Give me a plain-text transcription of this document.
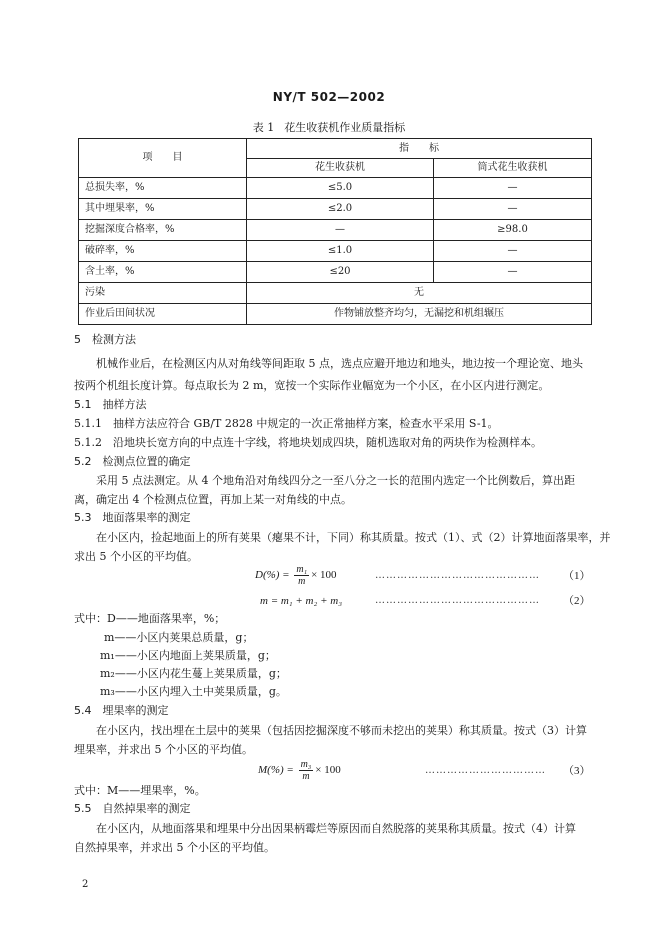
NY/T 502—2002
表 1 花生收获机作业质量指标
项　　目	指　　标	
	花生收获机	筒式花生收获机
总损失率，%	≤5.0	—
其中埋果率，%	≤2.0	—
挖掘深度合格率，%	—	≥98.0
破碎率，%	≤1.0	—
含土率，%	≤20	—
污染	无	
作业后田间状况	作物铺放整齐均匀，无漏挖和机组辗压	
5　检测方法
机械作业后，在检测区内从对角线等间距取 5 点，选点应避开地边和地头，地边按一个理论宽、地头
按两个机组长度计算。每点取长为 2 m，宽按一个实际作业幅宽为一个小区，在小区内进行测定。
5.1　抽样方法
5.1.1　抽样方法应符合 GB/T 2828 中规定的一次正常抽样方案，检查水平采用 S-1。
5.1.2　沿地块长宽方向的中点连十字线，将地块划成四块，随机选取对角的两块作为检测样本。
5.2　检测点位置的确定
采用 5 点法测定。从 4 个地角沿对角线四分之一至八分之一长的范围内选定一个比例数后，算出距
离，确定出 4 个检测点位置，再加上某一对角线的中点。
5.3　地面落果率的测定
在小区内，捡起地面上的所有荚果（瘪果不计，下同）称其质量。按式（1）、式（2）计算地面落果率，并
求出 5 个小区的平均值。
$D(\%) = \frac{\text{m₁}}{m} \times 100$	……………………………………… （1）
m = m₁ + m₂ + m₃	……………………………………… （2）
式中：D——地面落果率，%；
m——小区内荚果总质量，g；
m₁——小区内地面上荚果质量，g；
m₂——小区内花生蔓上荚果质量，g；
m₃——小区内埋入土中荚果质量，g。
5.4　埋果率的测定
在小区内，找出埋在土层中的荚果（包括因挖掘深度不够而未挖出的荚果）称其质量。按式（3）计算
埋果率，并求出 5 个小区的平均值。
$M(\%) = \frac{\text{m₃}}{m} \times 100$	…………………………… （3）
式中：M——埋果率，%。
5.5　自然掉果率的测定
在小区内，从地面落果和埋果中分出因果柄霉烂等原因而自然脱落的荚果称其质量。按式（4）计算
自然掉果率，并求出 5 个小区的平均值。
2
